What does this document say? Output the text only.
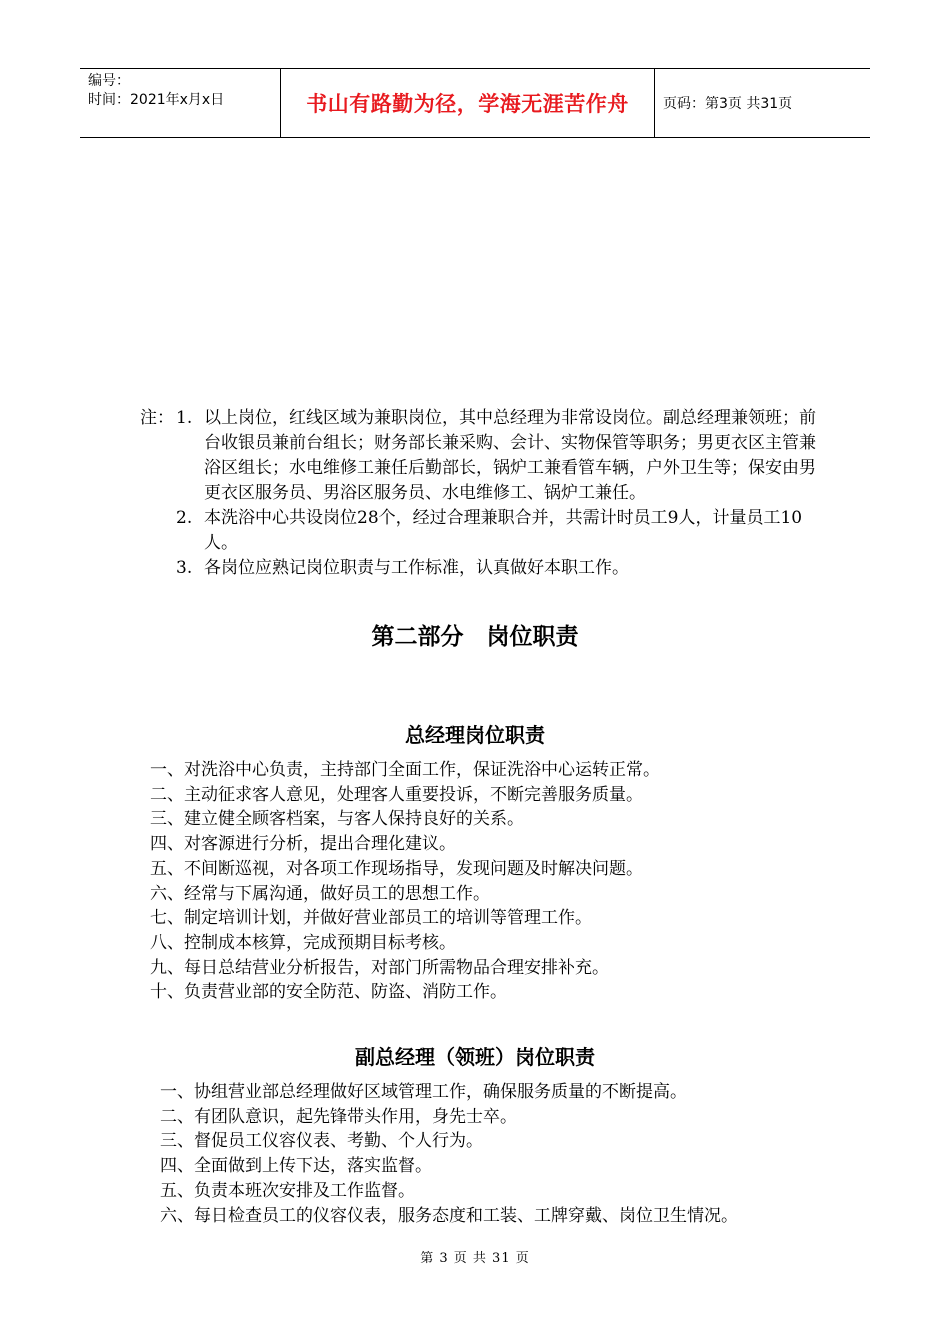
编号：
时间：2021年x月x日	书山有路勤为径，学海无涯苦作舟	页码：第3页 共31页
注： 1. 以上岗位，红线区域为兼职岗位，其中总经理为非常设岗位。副总经理兼领班；前台收银员兼前台组长；财务部长兼采购、会计、实物保管等职务；男更衣区主管兼浴区组长；水电维修工兼任后勤部长，锅炉工兼看管车辆，户外卫生等；保安由男更衣区服务员、男浴区服务员、水电维修工、锅炉工兼任。
2. 本洗浴中心共设岗位28个，经过合理兼职合并，共需计时员工9人，计量员工10人。
3. 各岗位应熟记岗位职责与工作标准，认真做好本职工作。
第二部分　岗位职责
总经理岗位职责
一、对洗浴中心负责，主持部门全面工作，保证洗浴中心运转正常。
二、主动征求客人意见，处理客人重要投诉，不断完善服务质量。
三、建立健全顾客档案，与客人保持良好的关系。
四、对客源进行分析，提出合理化建议。
五、不间断巡视，对各项工作现场指导，发现问题及时解决问题。
六、经常与下属沟通，做好员工的思想工作。
七、制定培训计划，并做好营业部员工的培训等管理工作。
八、控制成本核算，完成预期目标考核。
九、每日总结营业分析报告，对部门所需物品合理安排补充。
十、负责营业部的安全防范、防盗、消防工作。
副总经理（领班）岗位职责
一、协组营业部总经理做好区域管理工作，确保服务质量的不断提高。
二、有团队意识，起先锋带头作用，身先士卒。
三、督促员工仪容仪表、考勤、个人行为。
四、全面做到上传下达，落实监督。
五、负责本班次安排及工作监督。
六、每日检查员工的仪容仪表，服务态度和工装、工牌穿戴、岗位卫生情况。
第 3 页 共 31 页
